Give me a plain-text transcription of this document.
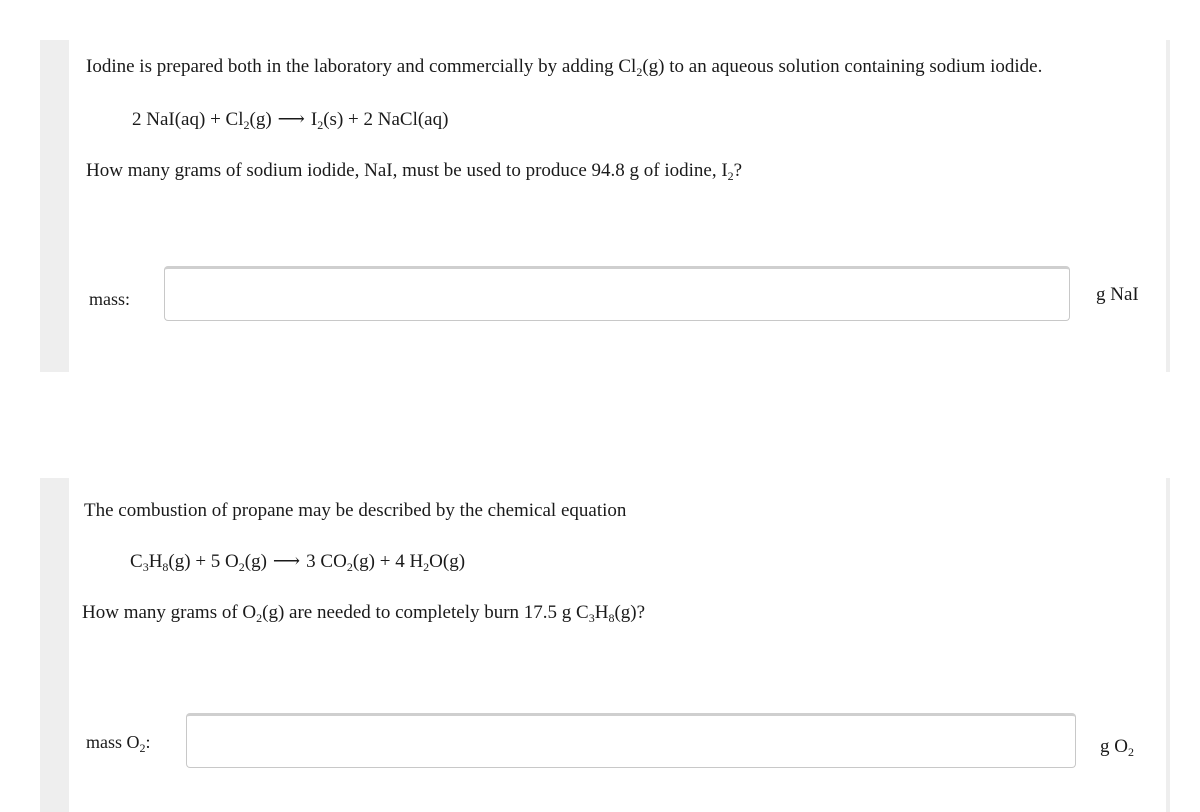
Iodine is prepared both in the laboratory and commercially by adding $Cl_2(g)$ to an aqueous solution containing sodium iodide.
2 $NaI(aq) + Cl_2(g)$ ⟶ $I_2(s) + 2$ NaCl(aq)
How many grams of sodium iodide, NaI, must be used to produce 94.8 g of iodine, $I_2$?
mass:	g NaI
The combustion of propane may be described by the chemical equation
$C_3H_8(g) + 5$ $O_2(g)$ ⟶ 3 $CO_2(g) + 4$ $H_2O(g)$
How many grams of $O_2(g)$ are needed to completely burn 17.5 g $C_3H_8(g)$?
mass $O_2$:	g $O_2$
